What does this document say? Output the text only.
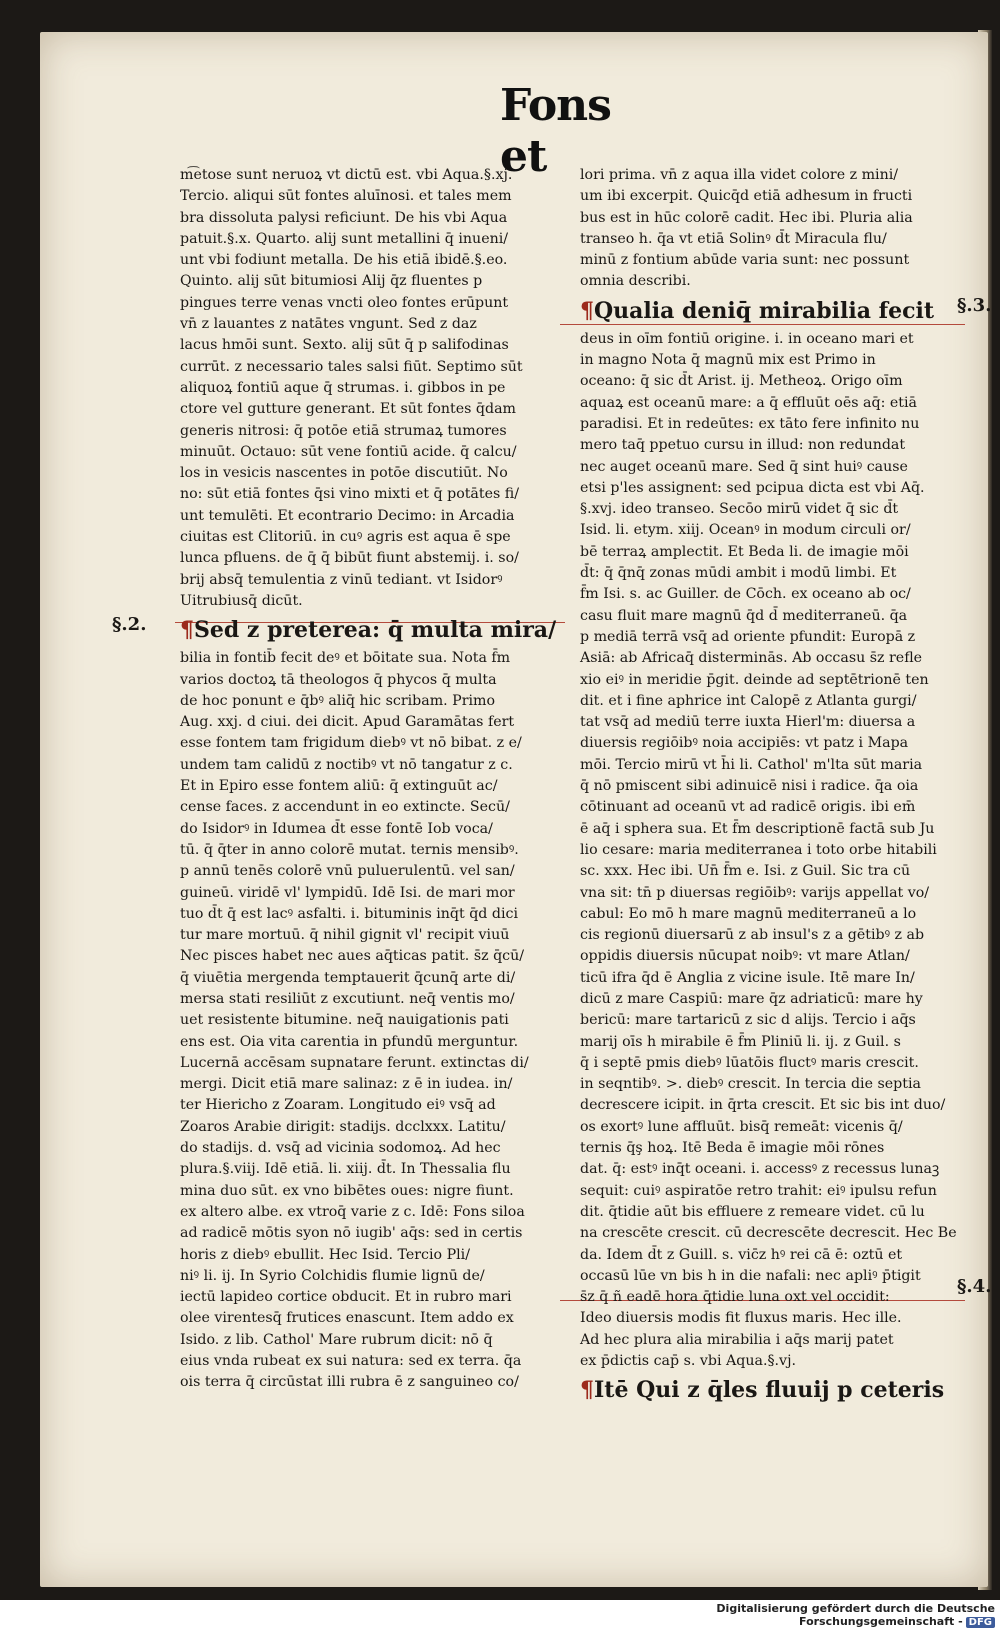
Fons et
§.2.
§.3.
§.4.
m͡etose sunt neruoꝝ vt dictū est. vbi Aqua.§.xj.
Tercio. aliqui sūt fontes aluīnosi. et tales mem
bra dissoluta palysi reficiunt. De his vbi Aqua
patuit.§.x. Quarto. alij sunt metallini q̄ inueni/
unt vbi fodiunt metalla. De his etiā ibidē.§.eo.
Quinto. alij sūt bitumiosi Alij q̄z fluentes p
pingues terre venas vncti oleo fontes erūpunt
vn̄ z lauantes z natātes vngunt. Sed z daz
lacus hmōi sunt. Sexto. alij sūt q̄ p salifodinas
currūt. z necessario tales salsi fiūt. Septimo sūt
aliquoꝝ fontiū aque q̄ strumas. i. gibbos in pe
ctore vel gutture generant. Et sūt fontes q̄dam
generis nitrosi: q̄ potōe etiā strumaꝝ tumores
minuūt. Octauo: sūt vene fontiū acide. q̄ calcu/
los in vesicis nascentes in potōe discutiūt. No
no: sūt etiā fontes q̄si vino mixti et q̄ potātes fi/
unt temulēti. Et econtrario Decimo: in Arcadia
ciuitas est Clitoriū. in cuꝰ agris est aqua ē spe
lunca pfluens. de q̄ q̄ bibūt fiunt abstemij. i. so/
brij absq̄ temulentia z vinū tediant. vt Isidorꝰ
Uitrubiusq̄ dicūt.
¶Sed z preterea: q̄ multa mira/
bilia in fontib̄ fecit deꝰ et bōitate sua. Nota f̄m
varios doctoꝝ tā theologos q̄ phycos q̄ multa
de hoc ponunt e q̄bꝰ aliq̄ hic scribam. Primo
Aug. xxj. d ciui. dei dicit. Apud Garamātas fert
esse fontem tam frigidum diebꝰ vt nō bibat. z e/
undem tam calidū z noctibꝰ vt nō tangatur z c.
Et in Epiro esse fontem aliū: q̄ extinguūt ac/
cense faces. z accendunt in eo extincte. Secū/
do Isidorꝰ in Idumea d̄t esse fontē Iob voca/
tū. q̄ q̄ter in anno colorē mutat. ternis mensibꝰ.
p annū tenēs colorē vnū puluerulentū. vel san/
guineū. viridē vl' lympidū. Idē Isi. de mari mor
tuo d̄t q̄ est lacꝰ asfalti. i. bituminis inq̄t q̄d dici
tur mare mortuū. q̄ nihil gignit vl' recipit viuū
Nec pisces habet nec aues aq̄ticas patit. s̄z q̄cū/
q̄ viuētia mergenda temptauerit q̄cunq̄ arte di/
mersa stati resiliūt z excutiunt. neq̄ ventis mo/
uet resistente bitumine. neq̄ nauigationis pati
ens est. Oia vita carentia in pfundū merguntur.
Lucernā accēsam supnatare ferunt. extinctas di/
mergi. Dicit etiā mare salinaz: z ē in iudea. in/
ter Hiericho z Zoaram. Longitudo eiꝰ vsq̄ ad
Zoaros Arabie dirigit: stadijs. dcclxxx. Latitu/
do stadijs. d. vsq̄ ad vicinia sodomoꝝ. Ad hec
plura.§.viij. Idē etiā. li. xiij. d̄t. In Thessalia flu
mina duo sūt. ex vno bibētes oues: nigre fiunt.
ex altero albe. ex vtroq̄ varie z c. Idē: Fons siloa
ad radicē mōtis syon nō iugib' aq̄s: sed in certis
horis z diebꝰ ebullit. Hec Isid. Tercio Pli/
niꝰ li. ij. In Syrio Colchidis flumie lignū de/
iectū lapideo cortice obducit. Et in rubro mari
olee virentesq̄ frutices enascunt. Item addo ex
Isido. z lib. Cathol' Mare rubrum dicit: nō q̄
eius vnda rubeat ex sui natura: sed ex terra. q̄a
ois terra q̄ circūstat illi rubra ē z sanguineo co/
lori prima. vn̄ z aqua illa videt colore z mini/
um ibi excerpit. Quicq̄d etiā adhesum in fructi
bus est in hūc colorē cadit. Hec ibi. Pluria alia
transeo h. q̄a vt etiā Solinꝰ d̄t Miracula flu/
minū z fontium abūde varia sunt: nec possunt
omnia describi.
¶Qualia deniq̄ mirabilia fecit
deus in oīm fontiū origine. i. in oceano mari et
in magno Nota q̄ magnū mix est Primo in
oceano: q̄ sic d̄t Arist. ij. Metheoꝝ. Origo oīm
aquaꝝ est oceanū mare: a q̄ effluūt oēs aq̄: etiā
paradisi. Et in redeūtes: ex tāto fere infinito nu
mero taq̄ ppetuo cursu in illud: non redundat
nec auget oceanū mare. Sed q̄ sint huiꝰ cause
etsi p'les assignent: sed pcipua dicta est vbi Aq̄.
§.xvj. ideo transeo. Secōo mirū videt q̄ sic d̄t
Isid. li. etym. xiij. Oceanꝰ in modum circuli or/
bē terraꝝ amplectit. Et Beda li. de imagie mōi
d̄t: q̄ q̄nq̄ zonas mūdi ambit i modū limbi. Et
f̄m Isi. s. ac Guiller. de Cōch. ex oceano ab oc/
casu fluit mare magnū q̄d d̄ mediterraneū. q̄a
p mediā terrā vsq̄ ad oriente pfundit: Europā z
Asiā: ab Africaq̄ disterminās. Ab occasu s̄z refle
xio eiꝰ in meridie p̄git. deinde ad septētrionē ten
dit. et i fine aphrice int Calopē z Atlanta gurgi/
tat vsq̄ ad mediū terre iuxta Hierl'm: diuersa a
diuersis regiōibꝰ noia accipiēs: vt patz i Mapa
mōi. Tercio mirū vt h̄i li. Cathol' m'lta sūt maria
q̄ nō pmiscent sibi adinuicē nisi i radice. q̄a oia
cōtinuant ad oceanū vt ad radicē origis. ibi em̄
ē aq̄ i sphera sua. Et f̄m descriptionē factā sub Ju
lio cesare: maria mediterranea i toto orbe hitabili
sc. xxx. Hec ibi. Un̄ f̄m e. Isi. z Guil. Sic tra cū
vna sit: tn̄ p diuersas regiōibꝰ: varijs appellat vo/
cabul: Eo mō h mare magnū mediterraneū a lo
cis regionū diuersarū z ab insul's z a gētibꝰ z ab
oppidis diuersis nūcupat noibꝰ: vt mare Atlan/
ticū ifra q̄d ē Anglia z vicine isule. Itē mare In/
dicū z mare Caspiū: mare q̄z adriaticū: mare hy
bericū: mare tartaricū z sic d alijs. Tercio i aq̄s
marij oīs h mirabile ē f̄m Pliniū li. ij. z Guil. s
q̄ i septē pmis diebꝰ lūatōis fluctꝰ maris crescit.
in seqntibꝰ. >. diebꝰ crescit. In tercia die septia
decrescere icipit. in q̄rta crescit. Et sic bis int duo/
os exortꝰ lune affluūt. bisq̄ remeāt: vicenis q̄/
ternis q̄ş hoꝝ. Itē Beda ē imagie mōi rōnes
dat. q̄: estꝰ inq̄t oceani. i. accessꝰ z recessus lunaꝫ
sequit: cuiꝰ aspiratōe retro trahit: eiꝰ ipulsu refun
dit. q̄tidie aūt bis effluere z remeare videt. cū lu
na crescēte crescit. cū decrescēte decrescit. Hec Be
da. Idem d̄t z Guill. s. vic̄z hꝰ rei cā ē: oztū et
occasū lūe vn bis h in die nafali: nec apliꝰ p̄tigit
s̄z q̄ ñ eadē hora q̄tidie luna oxt vel occidit:
Ideo diuersis modis fit fluxus maris. Hec ille.
Ad hec plura alia mirabilia i aq̄s marij patet
ex p̄dictis cap̄ s. vbi Aqua.§.vj.
¶Itē Qui z q̄les fluuij p ceteris
Digitalisierung gefördert durch die Deutsche Forschungsgemeinschaft - DFG
